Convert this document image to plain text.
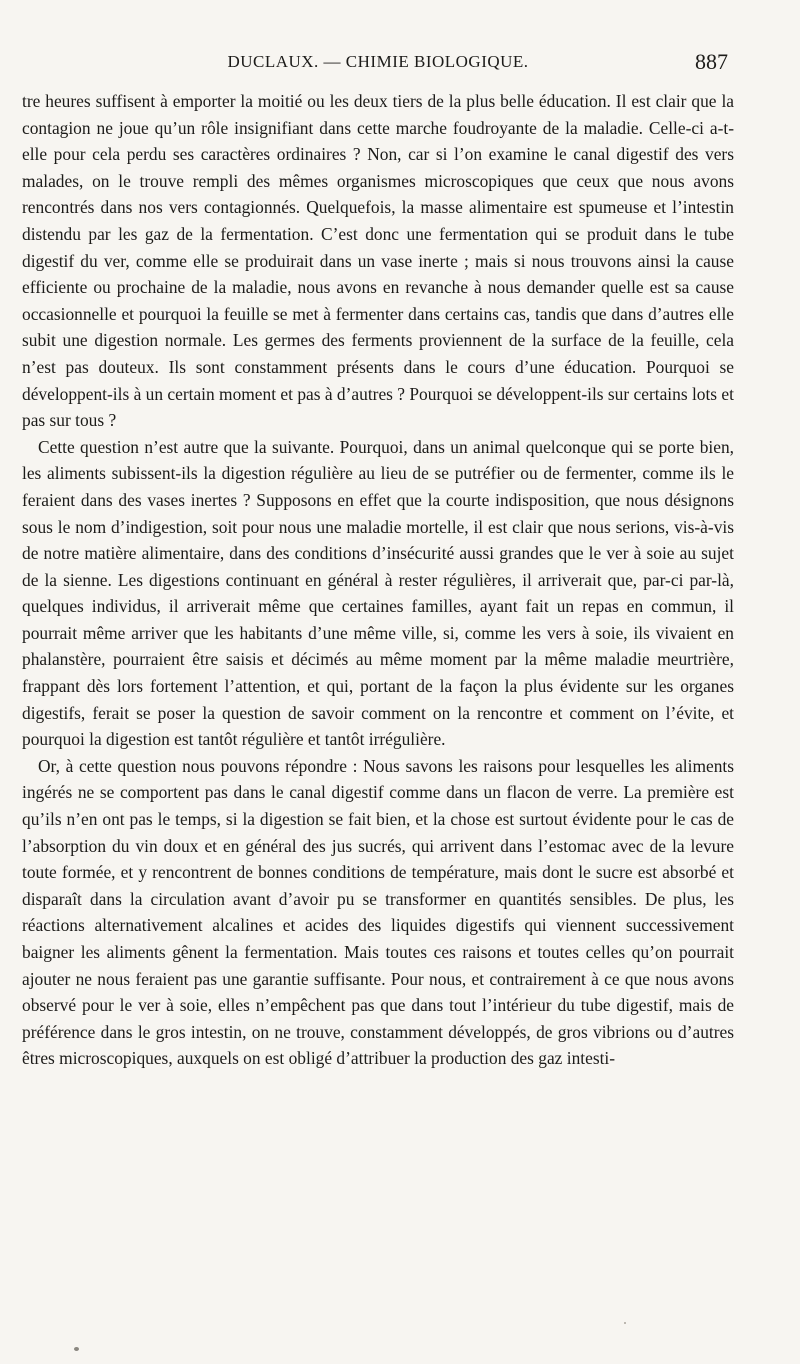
DUCLAUX. — CHIMIE BIOLOGIQUE.	887

tre heures suffisent à emporter la moitié ou les deux tiers de la plus belle éducation. Il est clair que la contagion ne joue qu’un rôle insignifiant dans cette marche foudroyante de la maladie. Celle-ci a-t-elle pour cela perdu ses caractères ordinaires ? Non, car si l’on examine le canal digestif des vers malades, on le trouve rempli des mêmes organismes microscopiques que ceux que nous avons rencontrés dans nos vers contagionnés. Quelquefois, la masse alimentaire est spumeuse et l’intestin distendu par les gaz de la fermentation. C’est donc une fermentation qui se produit dans le tube digestif du ver, comme elle se produirait dans un vase inerte ; mais si nous trouvons ainsi la cause efficiente ou prochaine de la maladie, nous avons en revanche à nous demander quelle est sa cause occasionnelle et pourquoi la feuille se met à fermenter dans certains cas, tandis que dans d’autres elle subit une digestion normale. Les germes des ferments proviennent de la surface de la feuille, cela n’est pas douteux. Ils sont constamment présents dans le cours d’une éducation. Pourquoi se développent-ils à un certain moment et pas à d’autres ? Pourquoi se développent-ils sur certains lots et pas sur tous ?

Cette question n’est autre que la suivante. Pourquoi, dans un animal quelconque qui se porte bien, les aliments subissent-ils la digestion régulière au lieu de se putréfier ou de fermenter, comme ils le feraient dans des vases inertes ? Supposons en effet que la courte indisposition, que nous désignons sous le nom d’indigestion, soit pour nous une maladie mortelle, il est clair que nous serions, vis-à-vis de notre matière alimentaire, dans des conditions d’insécurité aussi grandes que le ver à soie au sujet de la sienne. Les digestions continuant en général à rester régulières, il arriverait que, par-ci par-là, quelques individus, il arriverait même que certaines familles, ayant fait un repas en commun, il pourrait même arriver que les habitants d’une même ville, si, comme les vers à soie, ils vivaient en phalanstère, pourraient être saisis et décimés au même moment par la même maladie meurtrière, frappant dès lors fortement l’attention, et qui, portant de la façon la plus évidente sur les organes digestifs, ferait se poser la question de savoir comment on la rencontre et comment on l’évite, et pourquoi la digestion est tantôt régulière et tantôt irrégulière.

Or, à cette question nous pouvons répondre : Nous savons les raisons pour lesquelles les aliments ingérés ne se comportent pas dans le canal digestif comme dans un flacon de verre. La première est qu’ils n’en ont pas le temps, si la digestion se fait bien, et la chose est surtout évidente pour le cas de l’absorption du vin doux et en général des jus sucrés, qui arrivent dans l’estomac avec de la levure toute formée, et y rencontrent de bonnes conditions de température, mais dont le sucre est absorbé et disparaît dans la circulation avant d’avoir pu se transformer en quantités sensibles. De plus, les réactions alternativement alcalines et acides des liquides digestifs qui viennent successivement baigner les aliments gênent la fermentation. Mais toutes ces raisons et toutes celles qu’on pourrait ajouter ne nous feraient pas une garantie suffisante. Pour nous, et contrairement à ce que nous avons observé pour le ver à soie, elles n’empêchent pas que dans tout l’intérieur du tube digestif, mais de préférence dans le gros intestin, on ne trouve, constamment développés, de gros vibrions ou d’autres êtres microscopiques, auxquels on est obligé d’attribuer la production des gaz intesti-
